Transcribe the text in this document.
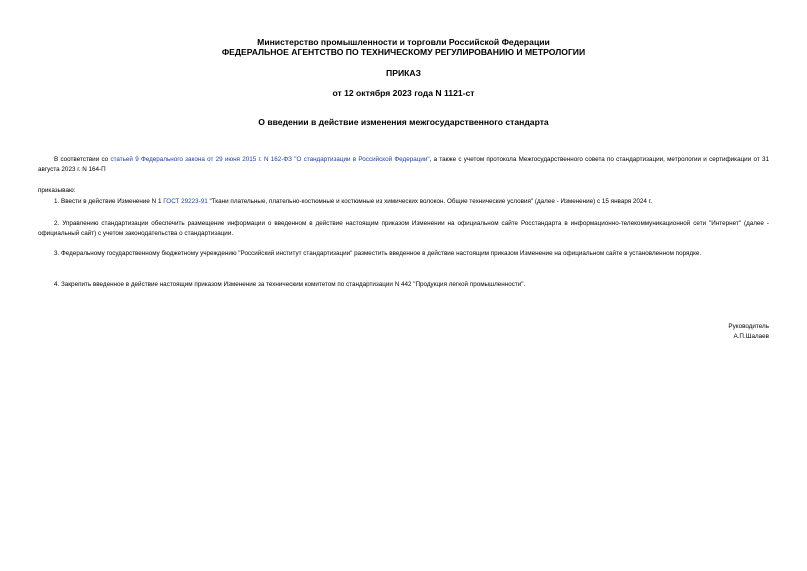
Министерство промышленности и торговли Российской Федерации
ФЕДЕРАЛЬНОЕ АГЕНТСТВО ПО ТЕХНИЧЕСКОМУ РЕГУЛИРОВАНИЮ И МЕТРОЛОГИИ
ПРИКАЗ
от 12 октября 2023 года N 1121-ст
О введении в действие изменения межгосударственного стандарта
В соответствии со статьей 9 Федерального закона от 29 июня 2015 г. N 162-ФЗ "О стандартизации в Российской Федерации", а также с учетом протокола Межгосударственного совета по стандартизации, метрологии и сертификации от 31 августа 2023 г. N 164-П
приказываю:
1. Ввести в действие Изменение N 1 ГОСТ 29223-91 "Ткани плательные, плательно-костюмные и костюмные из химических волокон. Общие технические условия" (далее - Изменение) с 15 января 2024 г.
2. Управлению стандартизации обеспечить размещение информации о введенном в действие настоящим приказом Изменении на официальном сайте Росстандарта в информационно-телекоммуникационной сети "Интернет" (далее - официальный сайт) с учетом законодательства о стандартизации.
3. Федеральному государственному бюджетному учреждению "Российский институт стандартизации" разместить введенное в действие настоящим приказом Изменение на официальном сайте в установленном порядке.
4. Закрепить введенное в действие настоящим приказом Изменение за техническим комитетом по стандартизации N 442 "Продукция легкой промышленности".
Руководитель
А.П.Шалаев
